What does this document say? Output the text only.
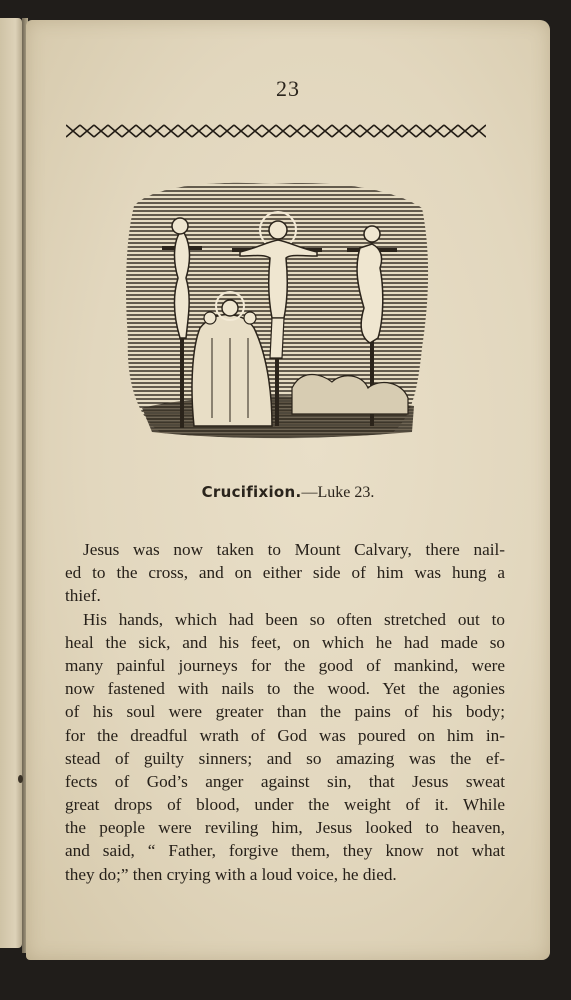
23
Crucifixion.—Luke 23.
Jesus was now taken to Mount Calvary, there nail-
ed to the cross, and on either side of him was hung a
thief.
His hands, which had been so often stretched out to
heal the sick, and his feet, on which he had made so
many painful journeys for the good of mankind, were
now fastened with nails to the wood. Yet the agonies
of his soul were greater than the pains of his body;
for the dreadful wrath of God was poured on him in-
stead of guilty sinners; and so amazing was the ef-
fects of God’s anger against sin, that Jesus sweat
great drops of blood, under the weight of it. While
the people were reviling him, Jesus looked to heaven,
and said, “ Father, forgive them, they know not what
they do;” then crying with a loud voice, he died.
